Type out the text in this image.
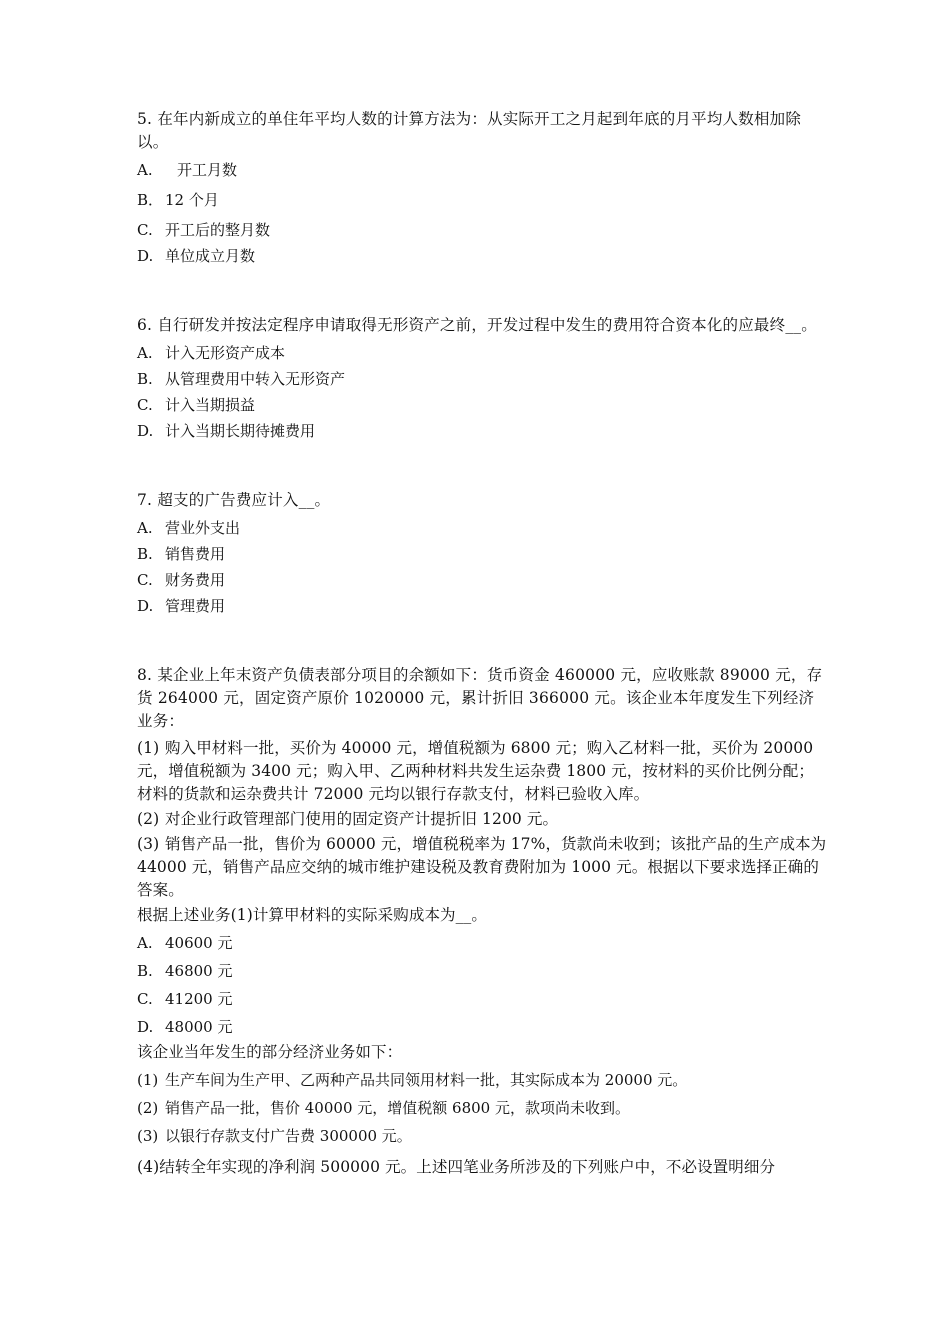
5. 在年内新成立的单住年平均人数的计算方法为：从实际开工之月起到年底的月平均人数相加除以。

A.	开工月数
B． 12 个月
C. 开工后的整月数
D. 单位成立月数

6. 自行研发并按法定程序申请取得无形资产之前，开发过程中发生的费用符合资本化的应最终__。

A. 计入无形资产成本
B. 从管理费用中转入无形资产
C. 计入当期损益
D. 计入当期长期待摊费用

7. 超支的广告费应计入__。

A. 营业外支出
B. 销售费用
C. 财务费用
D. 管理费用

8. 某企业上年末资产负债表部分项目的余额如下：货币资金 460000 元，应收账款 89000 元，存货 264000 元，固定资产原价 1020000 元，累计折旧 366000 元。该企业本年度发生下列经济业务：

(1) 购入甲材料一批，买价为 40000 元，增值税额为 6800 元；购入乙材料一批，买价为 20000 元，增值税额为 3400 元；购入甲、乙两种材料共发生运杂费 1800 元，按材料的买价比例分配；材料的货款和运杂费共计 72000 元均以银行存款支付，材料已验收入库。

(2) 对企业行政管理部门使用的固定资产计提折旧 1200 元。

(3) 销售产品一批，售价为 60000 元，增值税税率为 17%，货款尚未收到；该批产品的生产成本为 44000 元，销售产品应交纳的城市维护建设税及教育费附加为 1000 元。根据以下要求选择正确的答案。

根据上述业务(1)计算甲材料的实际采购成本为__。

A. 40600 元
B. 46800 元
C. 41200 元
D. 48000 元

该企业当年发生的部分经济业务如下：

(1) 生产车间为生产甲、乙两种产品共同领用材料一批，其实际成本为 20000 元。
(2) 销售产品一批，售价 40000 元，增值税额 6800 元，款项尚未收到。
(3) 以银行存款支付广告费 300000 元。

(4)结转全年实现的净利润 500000 元。上述四笔业务所涉及的下列账户中，不必设置明细分
